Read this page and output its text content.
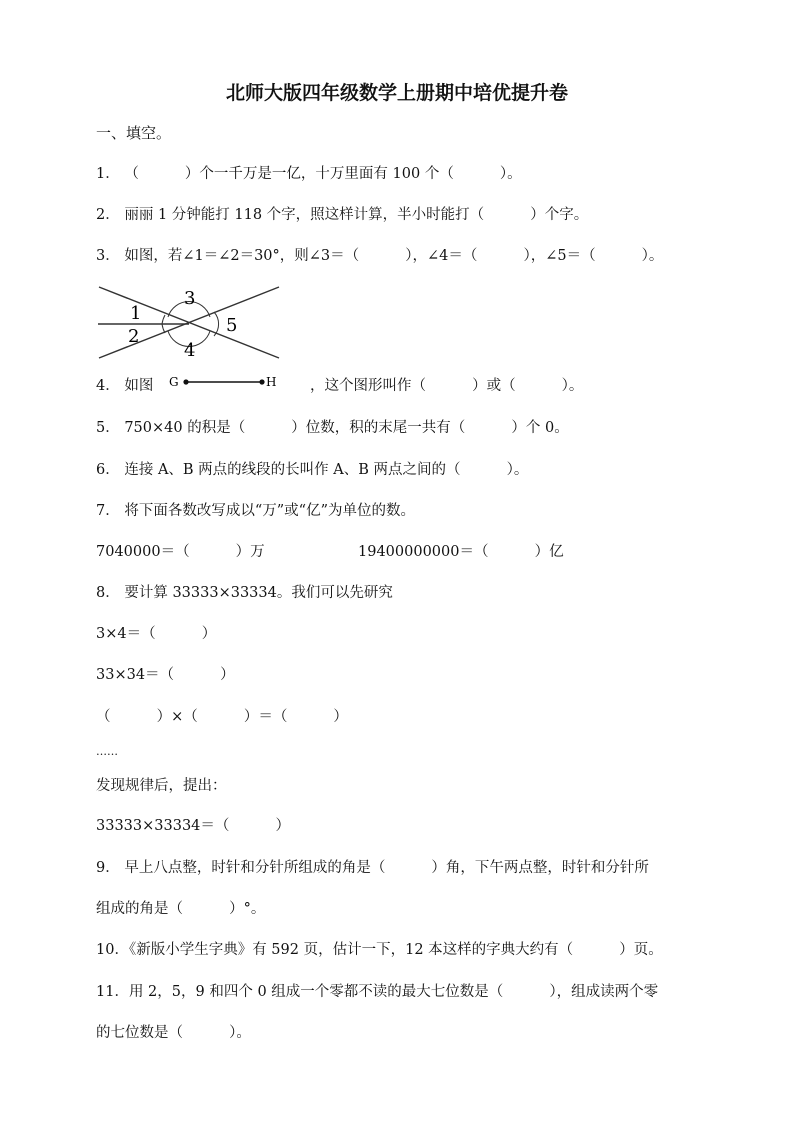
北师大版四年级数学上册期中培优提升卷
一、填空。
1． （          ）个一千万是一亿，十万里面有 100 个（          ）。
2． 丽丽 1 分钟能打 118 个字，照这样计算，半小时能打（          ）个字。
3． 如图，若∠1＝∠2＝30°，则∠3＝（          ），∠4＝（          ），∠5＝（          ）。
1
2
3
4
5
4． 如图 G	H ，这个图形叫作（          ）或（          ）。
5． 750×40 的积是（          ）位数，积的末尾一共有（          ）个 0。
6． 连接 A、B 两点的线段的长叫作 A、B 两点之间的（          ）。
7． 将下面各数改写成以“万”或“亿”为单位的数。
7040000＝（          ）万	19400000000＝（          ）亿
8． 要计算 33333×33334。我们可以先研究
3×4＝（          ）
33×34＝（          ）
（          ）×（          ）＝（          ）
……
发现规律后，提出：
33333×33334＝（          ）
9． 早上八点整，时针和分针所组成的角是（          ）角，下午两点整，时针和分针所
组成的角是（          ）°。
10．《新版小学生字典》有 592 页，估计一下，12 本这样的字典大约有（          ）页。
11．用 2，5，9 和四个 0 组成一个零都不读的最大七位数是（          ），组成读两个零
的七位数是（          ）。
